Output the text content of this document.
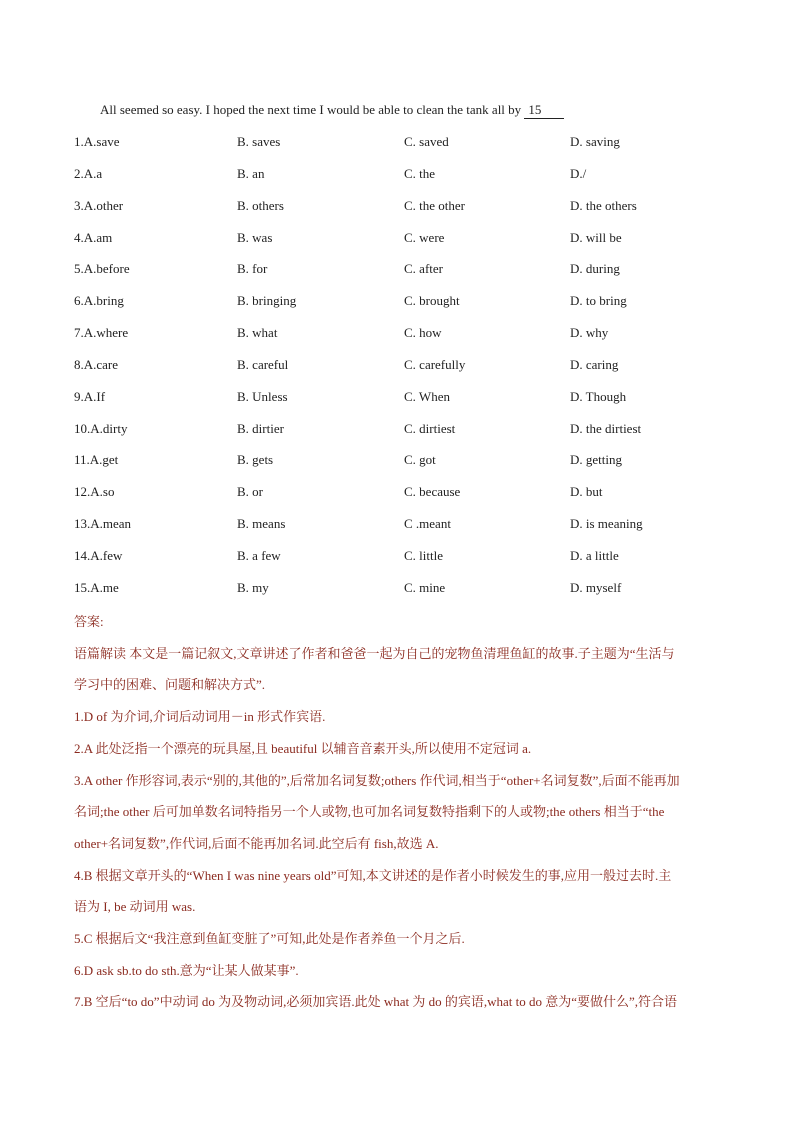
All seemed so easy. I hoped the next time I would be able to clean the tank all by 15
1.A.save	B. saves	C. saved	D. saving
2.A.a	B. an	C. the	D./
3.A.other	B. others	C. the other	D. the others
4.A.am	B. was	C. were	D. will be
5.A.before	B. for	C. after	D. during
6.A.bring	B. bringing	C. brought	D. to bring
7.A.where	B. what	C. how	D. why
8.A.care	B. careful	C. carefully	D. caring
9.A.If	B. Unless	C. When	D. Though
10.A.dirty	B. dirtier	C. dirtiest	D. the dirtiest
11.A.get	B. gets	C. got	D. getting
12.A.so	B. or	C. because	D. but
13.A.mean	B. means	C .meant	D. is meaning
14.A.few	B. a few	C. little	D. a little
15.A.me	B. my	C. mine	D. myself

答案:

语篇解读 本文是一篇记叙文,文章讲述了作者和爸爸一起为自己的宠物鱼清理鱼缸的故事.子主题为“生活与

学习中的困难、问题和解决方式”.

1.D of 为介词,介词后动词用－in 形式作宾语.

2.A 此处泛指一个漂亮的玩具屋,且 beautiful 以辅音音素开头,所以使用不定冠词 a.

3.A other 作形容词,表示“别的,其他的”,后常加名词复数;others 作代词,相当于“other+名词复数”,后面不能再加

名词;the other 后可加单数名词特指另一个人或物,也可加名词复数特指剩下的人或物;the others 相当于“the

other+名词复数”,作代词,后面不能再加名词.此空后有 fish,故选 A.

4.B 根据文章开头的“When I was nine years old”可知,本文讲述的是作者小时候发生的事,应用一般过去时.主

语为 I, be 动词用 was.

5.C 根据后文“我注意到鱼缸变脏了”可知,此处是作者养鱼一个月之后.

6.D ask sb.to do sth.意为“让某人做某事”.

7.B 空后“to do”中动词 do 为及物动词,必须加宾语.此处 what 为 do 的宾语,what to do 意为“要做什么”,符合语
